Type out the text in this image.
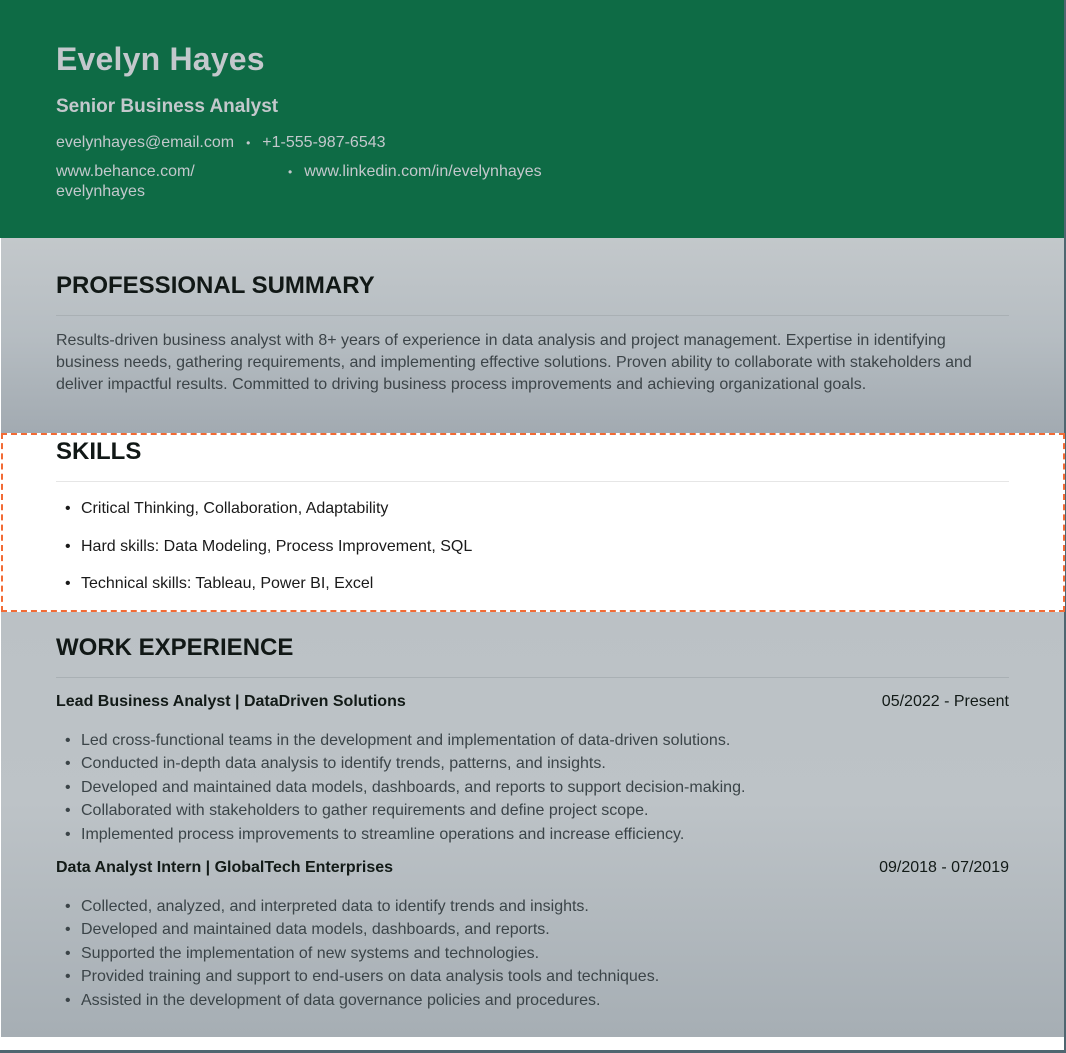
Evelyn Hayes
Senior Business Analyst
evelynhayes@email.com • +1-555-987-6543
www.behance.com/
evelynhayes
• www.linkedin.com/in/evelynhayes
PROFESSIONAL SUMMARY

Results-driven business analyst with 8+ years of experience in data analysis and project management. Expertise in identifying business needs, gathering requirements, and implementing effective solutions. Proven ability to collaborate with stakeholders and deliver impactful results. Committed to driving business process improvements and achieving organizational goals.

SKILLS
• Critical Thinking, Collaboration, Adaptability
• Hard skills: Data Modeling, Process Improvement, SQL
• Technical skills: Tableau, Power BI, Excel
WORK EXPERIENCE
Lead Business Analyst | DataDriven Solutions	05/2022 - Present
• Led cross-functional teams in the development and implementation of data-driven solutions.
• Conducted in-depth data analysis to identify trends, patterns, and insights.
• Developed and maintained data models, dashboards, and reports to support decision-making.
• Collaborated with stakeholders to gather requirements and define project scope.
• Implemented process improvements to streamline operations and increase efficiency.
Data Analyst Intern | GlobalTech Enterprises	09/2018 - 07/2019
• Collected, analyzed, and interpreted data to identify trends and insights.
• Developed and maintained data models, dashboards, and reports.
• Supported the implementation of new systems and technologies.
• Provided training and support to end-users on data analysis tools and techniques.
• Assisted in the development of data governance policies and procedures.
